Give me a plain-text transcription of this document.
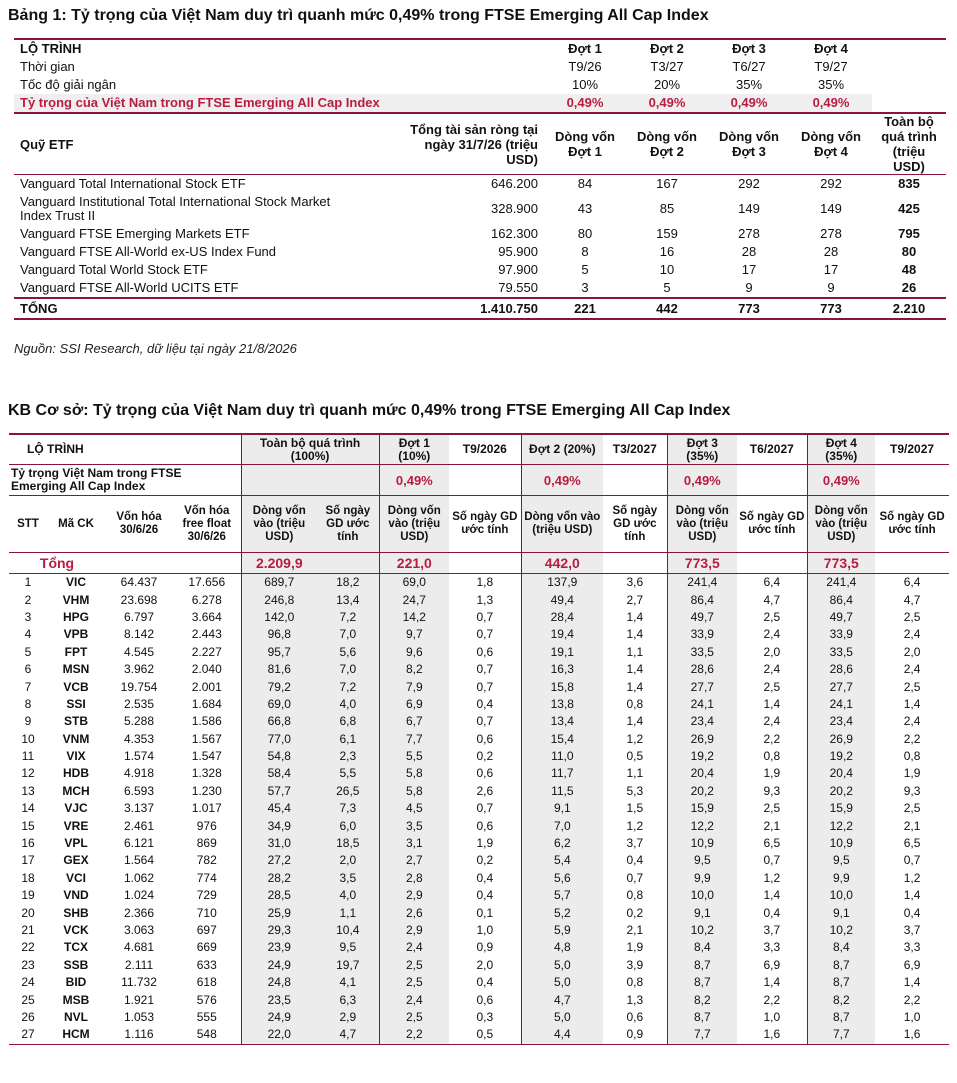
Bảng 1: Tỷ trọng của Việt Nam duy trì quanh mức 0,49% trong FTSE Emerging All Cap Index
LỘ TRÌNH		Đợt 1	Đợt 2	Đợt 3	Đợt 4	
Thời gian		T9/26	T3/27	T6/27	T9/27	
Tốc độ giải ngân		10%	20%	35%	35%	
Tỷ trọng của Việt Nam trong FTSE Emerging All Cap Index		0,49%	0,49%	0,49%	0,49%	
Quỹ ETF	Tổng tài sản ròng tại ngày 31/7/26 (triệu USD)	Dòng vốn Đợt 1	Dòng vốn Đợt 2	Dòng vốn Đợt 3	Dòng vốn Đợt 4	Toàn bộ quá trình (triệu USD)
Vanguard Total International Stock ETF	646.200	84	167	292	292	835
Vanguard Institutional Total International Stock Market Index Trust II	328.900	43	85	149	149	425
Vanguard FTSE Emerging Markets ETF	162.300	80	159	278	278	795
Vanguard FTSE All-World ex-US Index Fund	95.900	8	16	28	28	80
Vanguard Total World Stock ETF	97.900	5	10	17	17	48
Vanguard FTSE All-World UCITS ETF	79.550	3	5	9	9	26
TỔNG	1.410.750	221	442	773	773	2.210
Nguồn: SSI Research, dữ liệu tại ngày 21/8/2026
KB Cơ sở: Tỷ trọng của Việt Nam duy trì quanh mức 0,49% trong FTSE Emerging All Cap Index
LỘ TRÌNH				Toàn bộ quá trình (100%)		Đợt 1 (10%)	T9/2026	Đợt 2 (20%)	T3/2027	Đợt 3 (35%)	T6/2027	Đợt 4 (35%)	T9/2027
Tỷ trọng Việt Nam trong FTSE Emerging All Cap Index						0,49%		0,49%		0,49%		0,49%	
STT	Mã CK	Vốn hóa 30/6/26	Vốn hóa free float 30/6/26	Dòng vốn vào (triệu USD)	Số ngày GD ước tính	Dòng vốn vào (triệu USD)	Số ngày GD ước tính	Dòng vốn vào (triệu USD)	Số ngày GD ước tính	Dòng vốn vào (triệu USD)	Số ngày GD ước tính	Dòng vốn vào (triệu USD)	Số ngày GD ước tính
Tổng				2.209,9		221,0		442,0		773,5		773,5	
1	VIC	64.437	17.656	689,7	18,2	69,0	1,8	137,9	3,6	241,4	6,4	241,4	6,4
2	VHM	23.698	6.278	246,8	13,4	24,7	1,3	49,4	2,7	86,4	4,7	86,4	4,7
3	HPG	6.797	3.664	142,0	7,2	14,2	0,7	28,4	1,4	49,7	2,5	49,7	2,5
4	VPB	8.142	2.443	96,8	7,0	9,7	0,7	19,4	1,4	33,9	2,4	33,9	2,4
5	FPT	4.545	2.227	95,7	5,6	9,6	0,6	19,1	1,1	33,5	2,0	33,5	2,0
6	MSN	3.962	2.040	81,6	7,0	8,2	0,7	16,3	1,4	28,6	2,4	28,6	2,4
7	VCB	19.754	2.001	79,2	7,2	7,9	0,7	15,8	1,4	27,7	2,5	27,7	2,5
8	SSI	2.535	1.684	69,0	4,0	6,9	0,4	13,8	0,8	24,1	1,4	24,1	1,4
9	STB	5.288	1.586	66,8	6,8	6,7	0,7	13,4	1,4	23,4	2,4	23,4	2,4
10	VNM	4.353	1.567	77,0	6,1	7,7	0,6	15,4	1,2	26,9	2,2	26,9	2,2
11	VIX	1.574	1.547	54,8	2,3	5,5	0,2	11,0	0,5	19,2	0,8	19,2	0,8
12	HDB	4.918	1.328	58,4	5,5	5,8	0,6	11,7	1,1	20,4	1,9	20,4	1,9
13	MCH	6.593	1.230	57,7	26,5	5,8	2,6	11,5	5,3	20,2	9,3	20,2	9,3
14	VJC	3.137	1.017	45,4	7,3	4,5	0,7	9,1	1,5	15,9	2,5	15,9	2,5
15	VRE	2.461	976	34,9	6,0	3,5	0,6	7,0	1,2	12,2	2,1	12,2	2,1
16	VPL	6.121	869	31,0	18,5	3,1	1,9	6,2	3,7	10,9	6,5	10,9	6,5
17	GEX	1.564	782	27,2	2,0	2,7	0,2	5,4	0,4	9,5	0,7	9,5	0,7
18	VCI	1.062	774	28,2	3,5	2,8	0,4	5,6	0,7	9,9	1,2	9,9	1,2
19	VND	1.024	729	28,5	4,0	2,9	0,4	5,7	0,8	10,0	1,4	10,0	1,4
20	SHB	2.366	710	25,9	1,1	2,6	0,1	5,2	0,2	9,1	0,4	9,1	0,4
21	VCK	3.063	697	29,3	10,4	2,9	1,0	5,9	2,1	10,2	3,7	10,2	3,7
22	TCX	4.681	669	23,9	9,5	2,4	0,9	4,8	1,9	8,4	3,3	8,4	3,3
23	SSB	2.111	633	24,9	19,7	2,5	2,0	5,0	3,9	8,7	6,9	8,7	6,9
24	BID	11.732	618	24,8	4,1	2,5	0,4	5,0	0,8	8,7	1,4	8,7	1,4
25	MSB	1.921	576	23,5	6,3	2,4	0,6	4,7	1,3	8,2	2,2	8,2	2,2
26	NVL	1.053	555	24,9	2,9	2,5	0,3	5,0	0,6	8,7	1,0	8,7	1,0
27	HCM	1.116	548	22,0	4,7	2,2	0,5	4,4	0,9	7,7	1,6	7,7	1,6
